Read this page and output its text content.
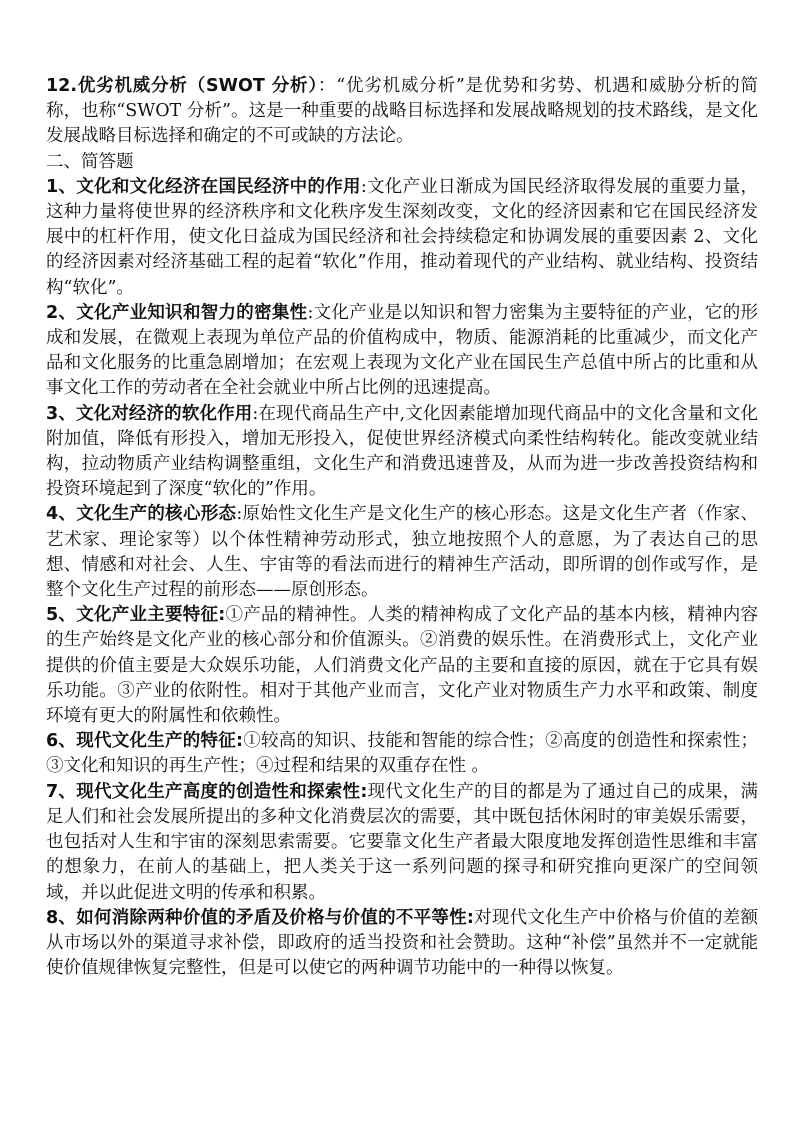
12.优劣机威分析（SWOT 分析）：“优劣机威分析”是优势和劣势、机遇和威胁分析的简称，也称“SWOT 分析”。这是一种重要的战略目标选择和发展战略规划的技术路线，是文化发展战略目标选择和确定的不可或缺的方法论。

二、简答题

1、文化和文化经济在国民经济中的作用:文化产业日渐成为国民经济取得发展的重要力量，这种力量将使世界的经济秩序和文化秩序发生深刻改变，文化的经济因素和它在国民经济发展中的杠杆作用，使文化日益成为国民经济和社会持续稳定和协调发展的重要因素 2、文化的经济因素对经济基础工程的起着“软化”作用，推动着现代的产业结构、就业结构、投资结构“软化”。

2、文化产业知识和智力的密集性:文化产业是以知识和智力密集为主要特征的产业，它的形成和发展，在微观上表现为单位产品的价值构成中，物质、能源消耗的比重减少，而文化产品和文化服务的比重急剧增加；在宏观上表现为文化产业在国民生产总值中所占的比重和从事文化工作的劳动者在全社会就业中所占比例的迅速提高。

3、文化对经济的软化作用:在现代商品生产中,文化因素能增加现代商品中的文化含量和文化附加值，降低有形投入，增加无形投入，促使世界经济模式向柔性结构转化。能改变就业结构，拉动物质产业结构调整重组，文化生产和消费迅速普及，从而为进一步改善投资结构和投资环境起到了深度“软化的”作用。

4、文化生产的核心形态:原始性文化生产是文化生产的核心形态。这是文化生产者（作家、艺术家、理论家等）以个体性精神劳动形式，独立地按照个人的意愿，为了表达自己的思想、情感和对社会、人生、宇宙等的看法而进行的精神生产活动，即所谓的创作或写作，是整个文化生产过程的前形态——原创形态。

5、文化产业主要特征:①产品的精神性。人类的精神构成了文化产品的基本内核，精神内容的生产始终是文化产业的核心部分和价值源头。②消费的娱乐性。在消费形式上，文化产业提供的价值主要是大众娱乐功能，人们消费文化产品的主要和直接的原因，就在于它具有娱乐功能。③产业的依附性。相对于其他产业而言，文化产业对物质生产力水平和政策、制度环境有更大的附属性和依赖性。

6、现代文化生产的特征:①较高的知识、技能和智能的综合性；②高度的创造性和探索性；③文化和知识的再生产性；④过程和结果的双重存在性 。

7、现代文化生产高度的创造性和探索性:现代文化生产的目的都是为了通过自己的成果，满足人们和社会发展所提出的多种文化消费层次的需要，其中既包括休闲时的审美娱乐需要，也包括对人生和宇宙的深刻思索需要。它要靠文化生产者最大限度地发挥创造性思维和丰富的想象力，在前人的基础上，把人类关于这一系列问题的探寻和研究推向更深广的空间领域，并以此促进文明的传承和积累。

8、如何消除两种价值的矛盾及价格与价值的不平等性:对现代文化生产中价格与价值的差额从市场以外的渠道寻求补偿，即政府的适当投资和社会赞助。这种“补偿”虽然并不一定就能使价值规律恢复完整性，但是可以使它的两种调节功能中的一种得以恢复。
